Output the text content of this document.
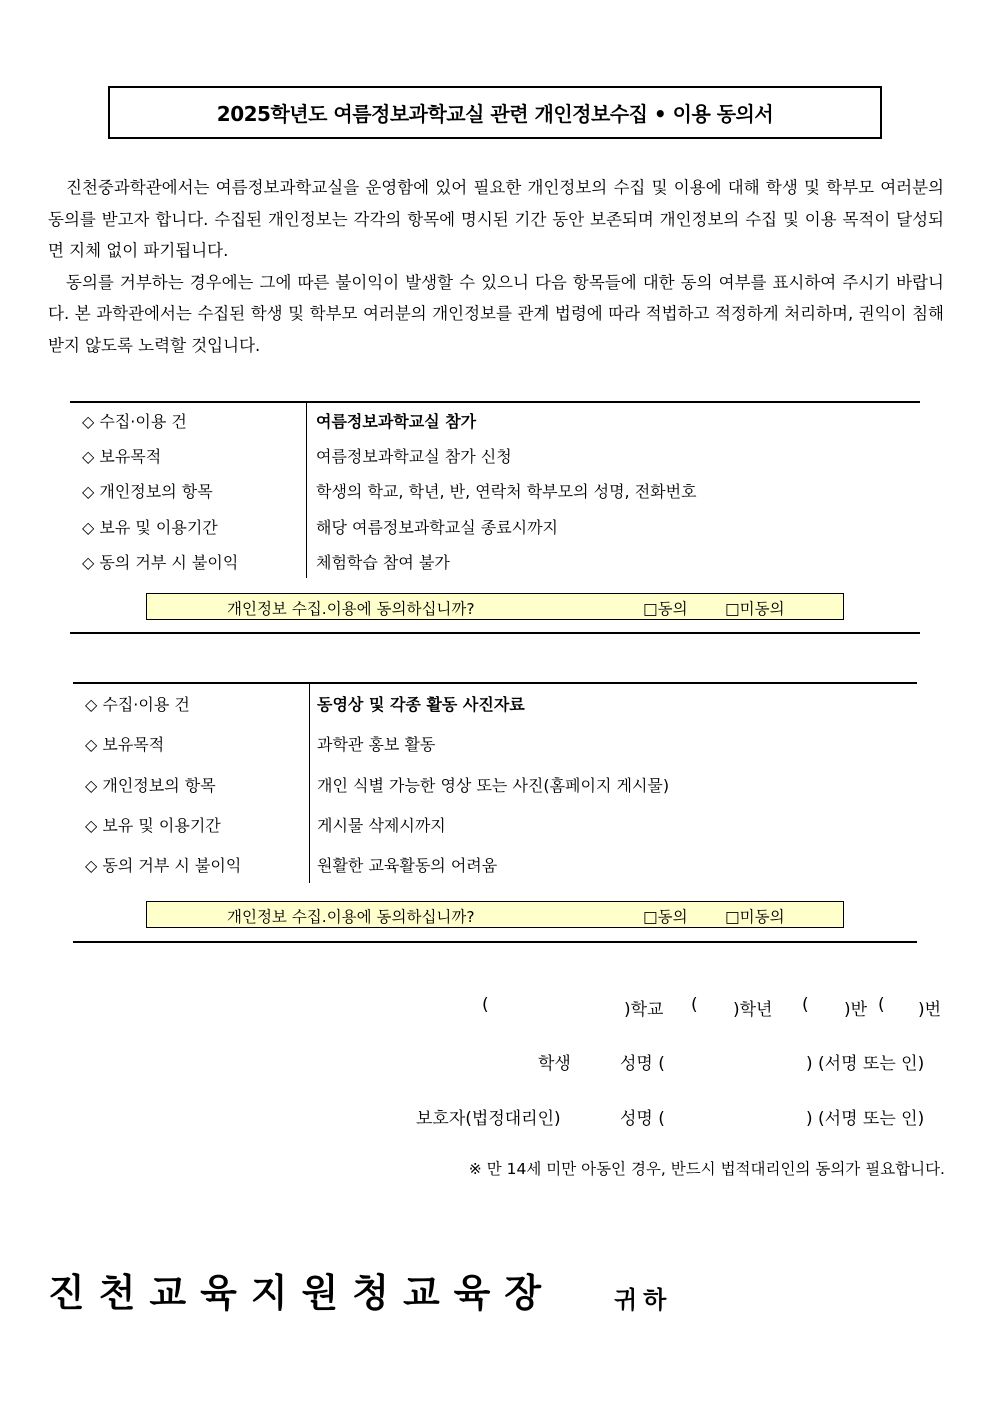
2025학년도 여름정보과학교실 관련 개인정보수집 • 이용 동의서

진천중과학관에서는 여름정보과학교실을 운영함에 있어 필요한 개인정보의 수집 및 이용에 대해 학생 및 학부모 여러분의 동의를 받고자 합니다. 수집된 개인정보는 각각의 항목에 명시된 기간 동안 보존되며 개인정보의 수집 및 이용 목적이 달성되면 지체 없이 파기됩니다.

동의를 거부하는 경우에는 그에 따른 불이익이 발생할 수 있으니 다음 항목들에 대한 동의 여부를 표시하여 주시기 바랍니다. 본 과학관에서는 수집된 학생 및 학부모 여러분의 개인정보를 관계 법령에 따라 적법하고 적정하게 처리하며, 권익이 침해받지 않도록 노력할 것입니다.

◇ 수집·이용 건	여름정보과학교실 참가
◇ 보유목적	여름정보과학교실 참가 신청
◇ 개인정보의 항목	학생의 학교, 학년, 반, 연락처 학부모의 성명, 전화번호
◇ 보유 및 이용기간	해당 여름정보과학교실 종료시까지
◇ 동의 거부 시 불이익	체험학습 참여 불가
개인정보 수집.이용에 동의하십니까?	□동의 □미동의
◇ 수집·이용 건	동영상 및 각종 활동 사진자료
◇ 보유목적	과학관 홍보 활동
◇ 개인정보의 항목	개인 식별 가능한 영상 또는 사진(홈페이지 게시물)
◇ 보유 및 이용기간	게시물 삭제시까지
◇ 동의 거부 시 불이익	원활한 교육활동의 어려움
개인정보 수집.이용에 동의하십니까?	□동의 □미동의
(	)학교 ( )학년 ( )반 ( )번
학생	성명 (	) (서명 또는 인)
보호자(법정대리인)	성명 (	) (서명 또는 인)
※ 만 14세 미만 아동인 경우, 반드시 법적대리인의 동의가 필요합니다.
진천교육지원청교육장 귀하
